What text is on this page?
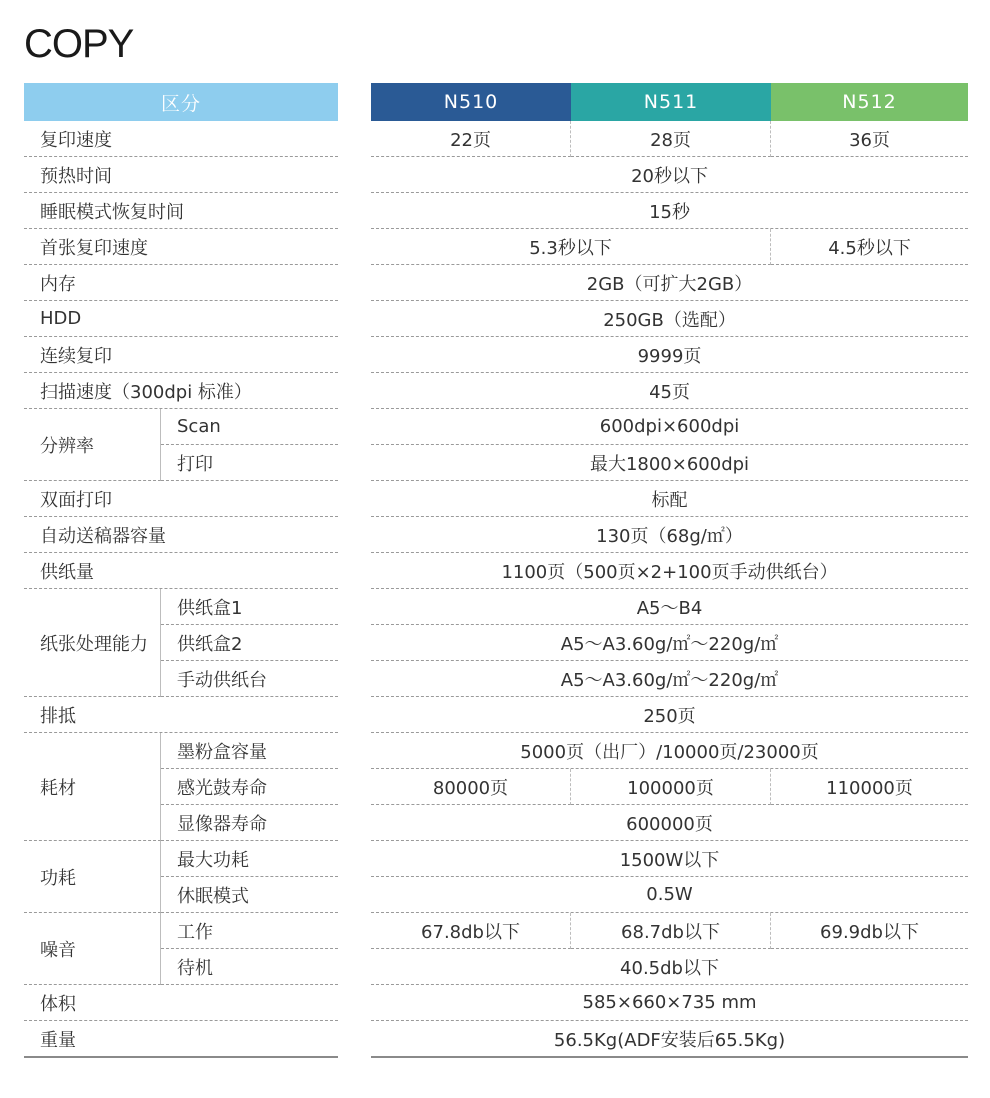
COPY
区分			N510	N511	N512
复印速度			22页	28页	36页
预热时间			20秒以下		
睡眠模式恢复时间			15秒		
首张复印速度			5.3秒以下		4.5秒以下
内存			2GB（可扩大2GB）		
HDD			250GB（选配）		
连续复印			9999页		
扫描速度（300dpi 标准）			45页		
分辨率	Scan		600dpi×600dpi		
	打印		最大1800×600dpi		
双面打印			标配		
自动送稿器容量			130页（68g/㎡）		
供纸量			1100页（500页×2+100页手动供纸台）		
纸张处理能力	供纸盒1		A5～B4		
	供纸盒2		A5～A3.60g/㎡～220g/㎡		
	手动供纸台		A5～A3.60g/㎡～220g/㎡		
排抵			250页		
耗材	墨粉盒容量		5000页（出厂）/10000页/23000页		
	感光鼓寿命		80000页	100000页	110000页
	显像器寿命		600000页		
功耗	最大功耗		1500W以下		
	休眠模式		0.5W		
噪音	工作		67.8db以下	68.7db以下	69.9db以下
	待机		40.5db以下		
体积			585×660×735 mm		
重量			56.5Kg(ADF安装后65.5Kg)		
